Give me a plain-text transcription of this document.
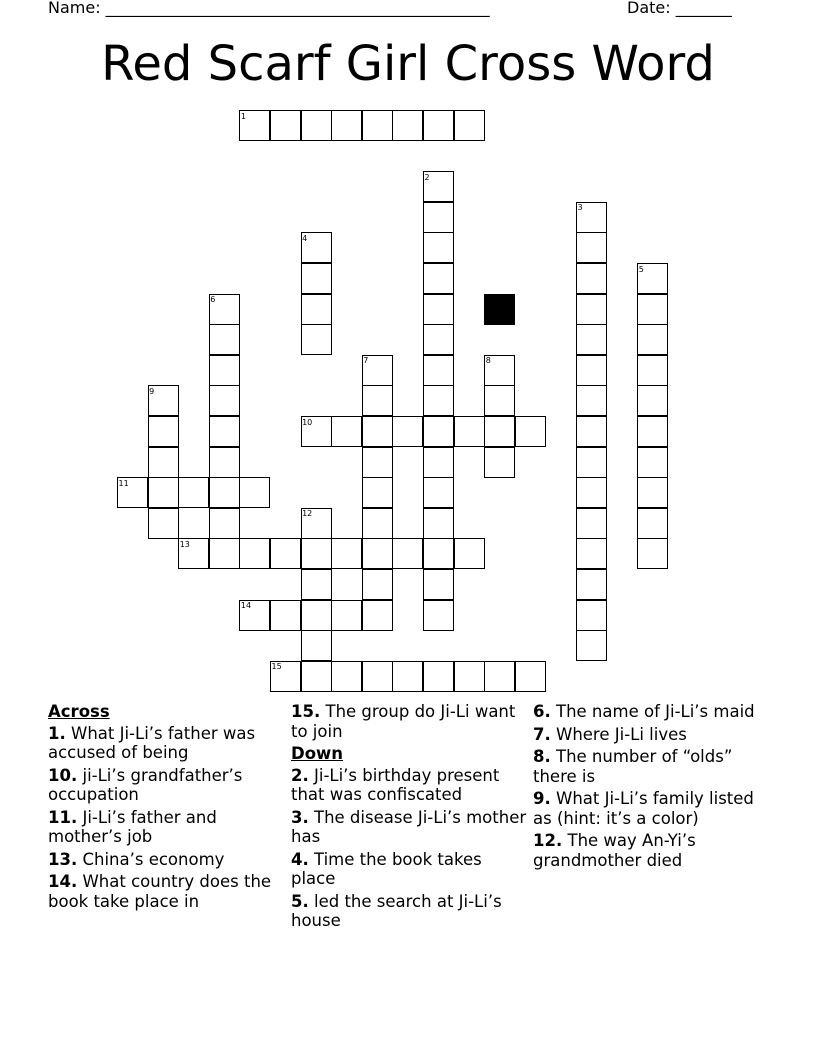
Name: ________________________________________________	Date: _______
Red Scarf Girl Cross Word
1
2
3
4
5
6
7	8
9
10
11
12
13
14
15
Across
1. What Ji-Li’s father was accused of being
10. ji-Li’s grandfather’s occupation
11. Ji-Li’s father and mother’s job
13. China’s economy
14. What country does the book take place in
15. The group do Ji-Li want to join
Down
2. Ji-Li’s birthday present that was confiscated
3. The disease Ji-Li’s mother has
4. Time the book takes place
5. led the search at Ji-Li’s house
6. The name of Ji-Li’s maid
7. Where Ji-Li lives
8. The number of “olds” there is
9. What Ji-Li’s family listed as (hint: it’s a color)
12. The way An-Yi’s grandmother died
